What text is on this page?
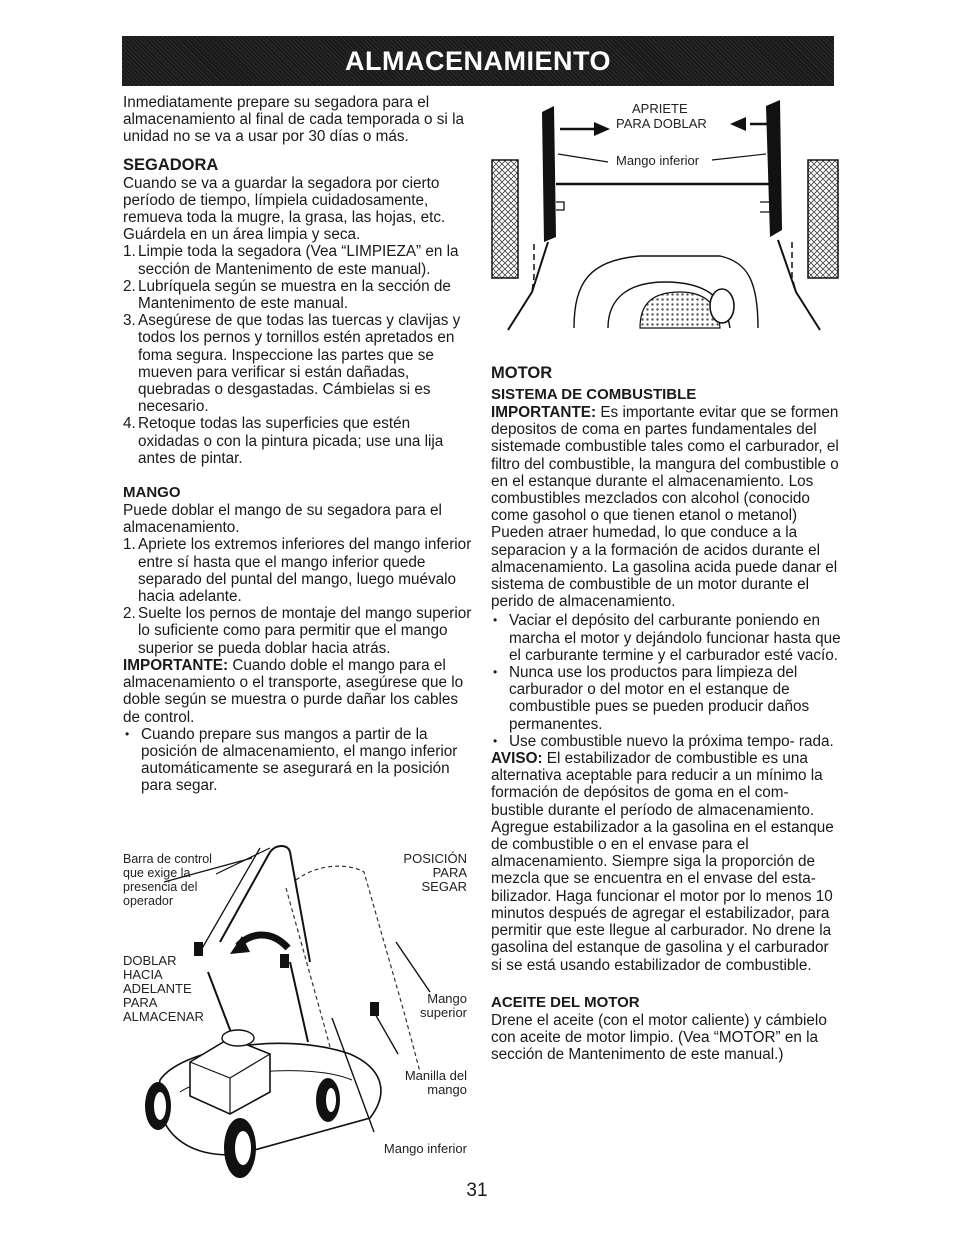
ALMACENAMIENTO

Inmediatamente prepare su segadora para el almacenamiento al final de cada temporada o si la unidad no se va a usar por 30 días o más.

SEGADORA

Cuando se va a guardar la segadora por cierto período de tiempo, límpiela cuidadosamente, remueva toda la mugre, la grasa, las hojas, etc. Guárdela en un área limpia y seca.

1. Limpie toda la segadora (Vea “LIMPIEZA” en la sección de Mantenimento de este manual).
2. Lubríquela según se muestra en la sección de Mantenimento de este manual.
3. Asegúrese de que todas las tuercas y clavijas y todos los pernos y tornillos estén apretados en foma segura. Inspeccione las partes que se mueven para verificar si están dañadas, quebradas o desgastadas. Cámbielas si es necesario.
4. Retoque todas las superficies que estén oxidadas o con la pintura picada; use una lija antes de pintar.
MANGO

Puede doblar el mango de su segadora para el almacenamiento.

1. Apriete los extremos inferiores del mango inferior entre sí hasta que el mango inferior quede separado del puntal del mango, luego muévalo hacia adelante.
2. Suelte los pernos de montaje del mango superior lo suficiente como para permitir que el mango superior se pueda doblar hacia atrás.

IMPORTANTE: Cuando doble el mango para el almacenamiento o el transporte, asegúrese que lo doble según se muestra o purde dañar los cables de control.

• Cuando prepare sus mangos a partir de la posición de almacenamiento, el mango inferior automáticamente se asegurará en la posición para segar.
APRIETE
PARA DOBLAR
Mango inferior
Barra de control
que exige la
presencia del
operador
POSICIÓN
PARA
SEGAR
DOBLAR
HACIA
ADELANTE
PARA
ALMACENAR
Mango
superior
Manilla del
mango
Mango inferior
MOTOR
SISTEMA DE COMBUSTIBLE

IMPORTANTE: Es importante evitar que se formen depositos de coma en partes fundamentales del sistemade combustible tales como el carburador, el filtro del combustible, la mangura del combustible o en el estanque durante el almacenamiento. Los combustibles mezclados con alcohol (conocido come gasohol o que tienen etanol o metanol) Pueden atraer humedad, lo que conduce a la separacion y a la formación de acidos durante el almacenamiento. La gasolina acida puede danar el sistema de combustible de un motor durante el perido de almacenamiento.

• Vaciar el depósito del carburante poniendo en marcha el motor y dejándolo funcionar hasta que el carburante termine y el carburador esté vacío.
• Nunca use los productos para limpieza del carburador o del motor en el estanque de combustible pues se pueden producir daños permanentes.
• Use combustible nuevo la próxima tempo- rada.

AVISO: El estabilizador de combustible es una alternativa aceptable para reducir a un mínimo la formación de depósitos de goma en el com- bustible durante el período de almacenamiento. Agregue estabilizador a la gasolina en el estanque de combustible o en el envase para el almacenamiento. Siempre siga la proporción de mezcla que se encuentra en el envase del esta- bilizador. Haga funcionar el motor por lo menos 10 minutos después de agregar el estabilizador, para permitir que este llegue al carburador. No drene la gasolina del estanque de gasolina y el carburador si se está usando estabilizador de combustible.

ACEITE DEL MOTOR

Drene el aceite (con el motor caliente) y cámbielo con aceite de motor limpio. (Vea “MOTOR” en la sección de Mantenimento de este manual.)

31
